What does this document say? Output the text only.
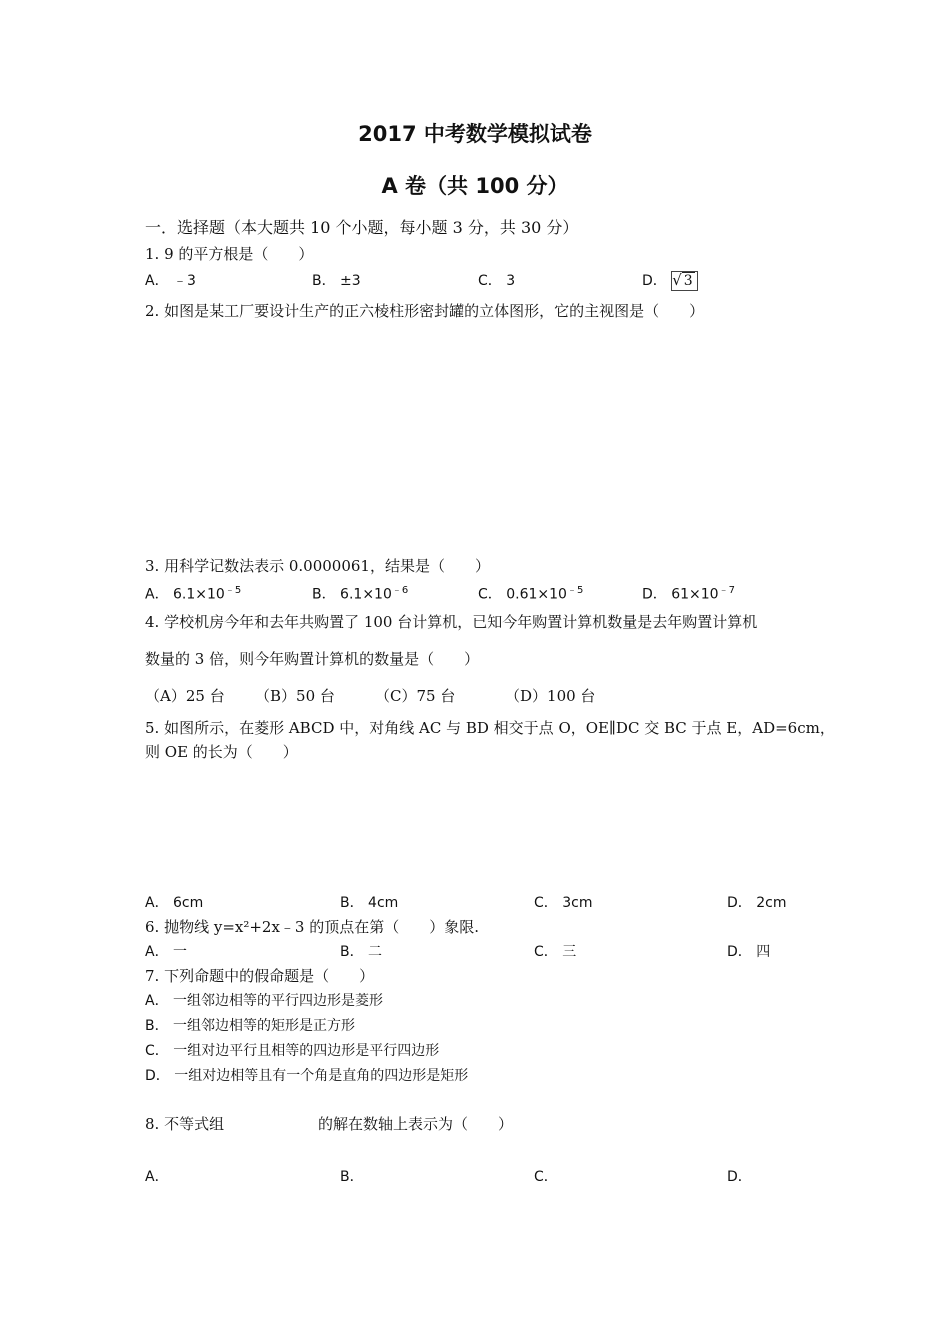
2017 中考数学模拟试卷
A 卷（共 100 分）
一．选择题（本大题共 10 个小题，每小题 3 分，共 30 分）
1. 9 的平方根是（　　）
A． ﹣3	B． ±3	C． 3	D． √ 3
2. 如图是某工厂要设计生产的正六棱柱形密封罐的立体图形，它的主视图是（　　）
3. 用科学记数法表示 0.0000061，结果是（　　）
A． $6.1\times 10^{﹣5}$	B． $6.1\times 10^{﹣6}$	C． $0.61\times 10^{﹣5}$	D． $61\times 10^{﹣7}$
4. 学校机房今年和去年共购置了 100 台计算机，已知今年购置计算机数量是去年购置计算机
数量的 3 倍，则今年购置计算机的数量是（　　）
（A）25 台 （B）50 台	（C）75 台	（D）100 台
5. 如图所示，在菱形 ABCD 中，对角线 AC 与 BD 相交于点 O，OE∥DC 交 BC 于点 E，AD=6cm，
则 OE 的长为（　　）
A． 6cm	B． 4cm	C． 3cm	D． 2cm
6. 抛物线 y=x²+2x﹣3 的顶点在第（　　）象限.
A． 一	B． 二	C． 三	D． 四
7. 下列命题中的假命题是（　　）
A． 一组邻边相等的平行四边形是菱形
B． 一组邻边相等的矩形是正方形
C． 一组对边平行且相等的四边形是平行四边形
D． 一组对边相等且有一个角是直角的四边形是矩形
8. 不等式组	的解在数轴上表示为（　　）
A．	B．	C．	D．
